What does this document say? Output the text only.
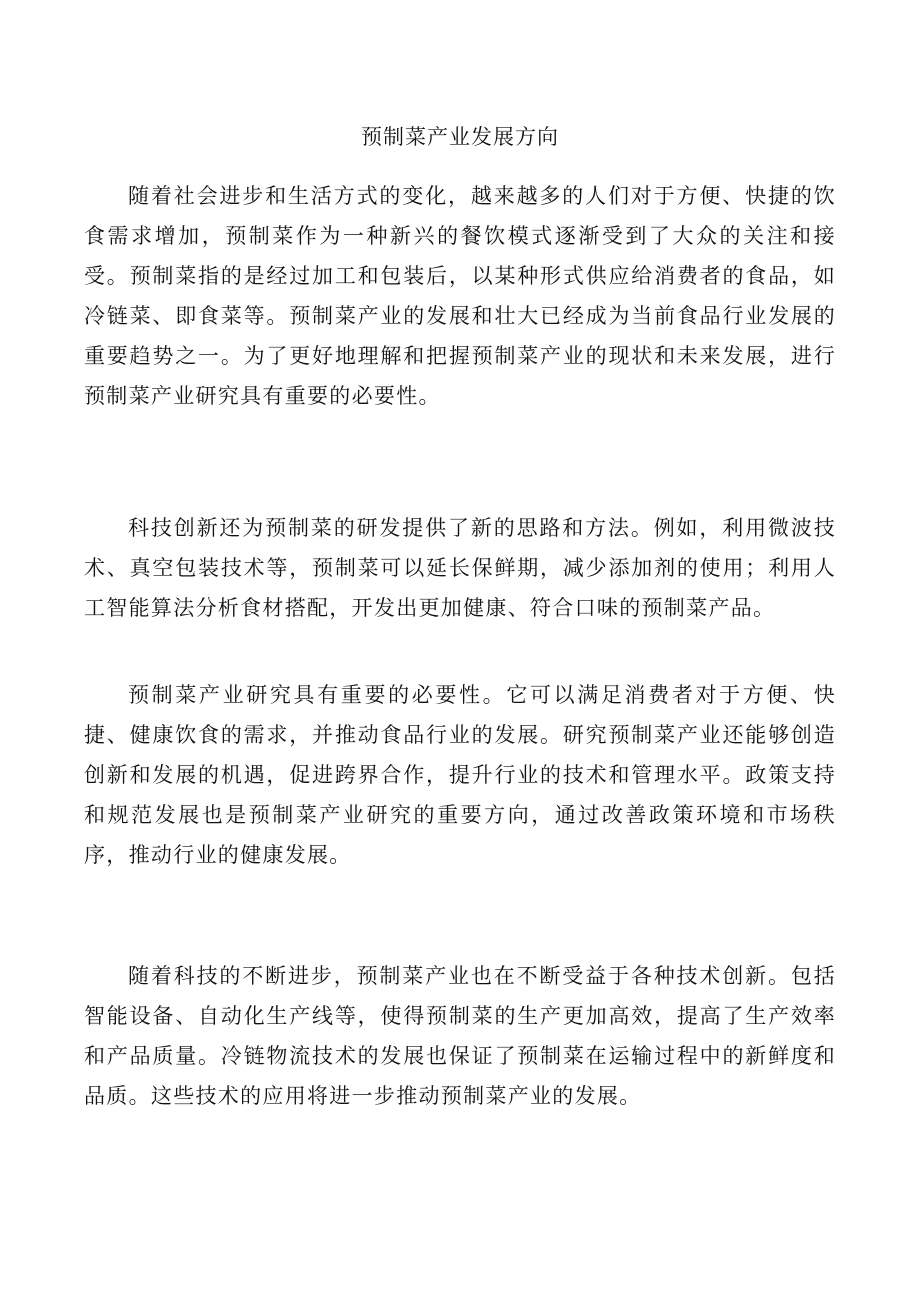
预制菜产业发展方向

随着社会进步和生活方式的变化，越来越多的人们对于方便、快捷的饮食需求增加，预制菜作为一种新兴的餐饮模式逐渐受到了大众的关注和接受。预制菜指的是经过加工和包装后，以某种形式供应给消费者的食品，如冷链菜、即食菜等。预制菜产业的发展和壮大已经成为当前食品行业发展的重要趋势之一。为了更好地理解和把握预制菜产业的现状和未来发展，进行预制菜产业研究具有重要的必要性。

科技创新还为预制菜的研发提供了新的思路和方法。例如，利用微波技术、真空包装技术等，预制菜可以延长保鲜期，减少添加剂的使用；利用人工智能算法分析食材搭配，开发出更加健康、符合口味的预制菜产品。

预制菜产业研究具有重要的必要性。它可以满足消费者对于方便、快捷、健康饮食的需求，并推动食品行业的发展。研究预制菜产业还能够创造创新和发展的机遇，促进跨界合作，提升行业的技术和管理水平。政策支持和规范发展也是预制菜产业研究的重要方向，通过改善政策环境和市场秩序，推动行业的健康发展。

随着科技的不断进步，预制菜产业也在不断受益于各种技术创新。包括智能设备、自动化生产线等，使得预制菜的生产更加高效，提高了生产效率和产品质量。冷链物流技术的发展也保证了预制菜在运输过程中的新鲜度和品质。这些技术的应用将进一步推动预制菜产业的发展。
